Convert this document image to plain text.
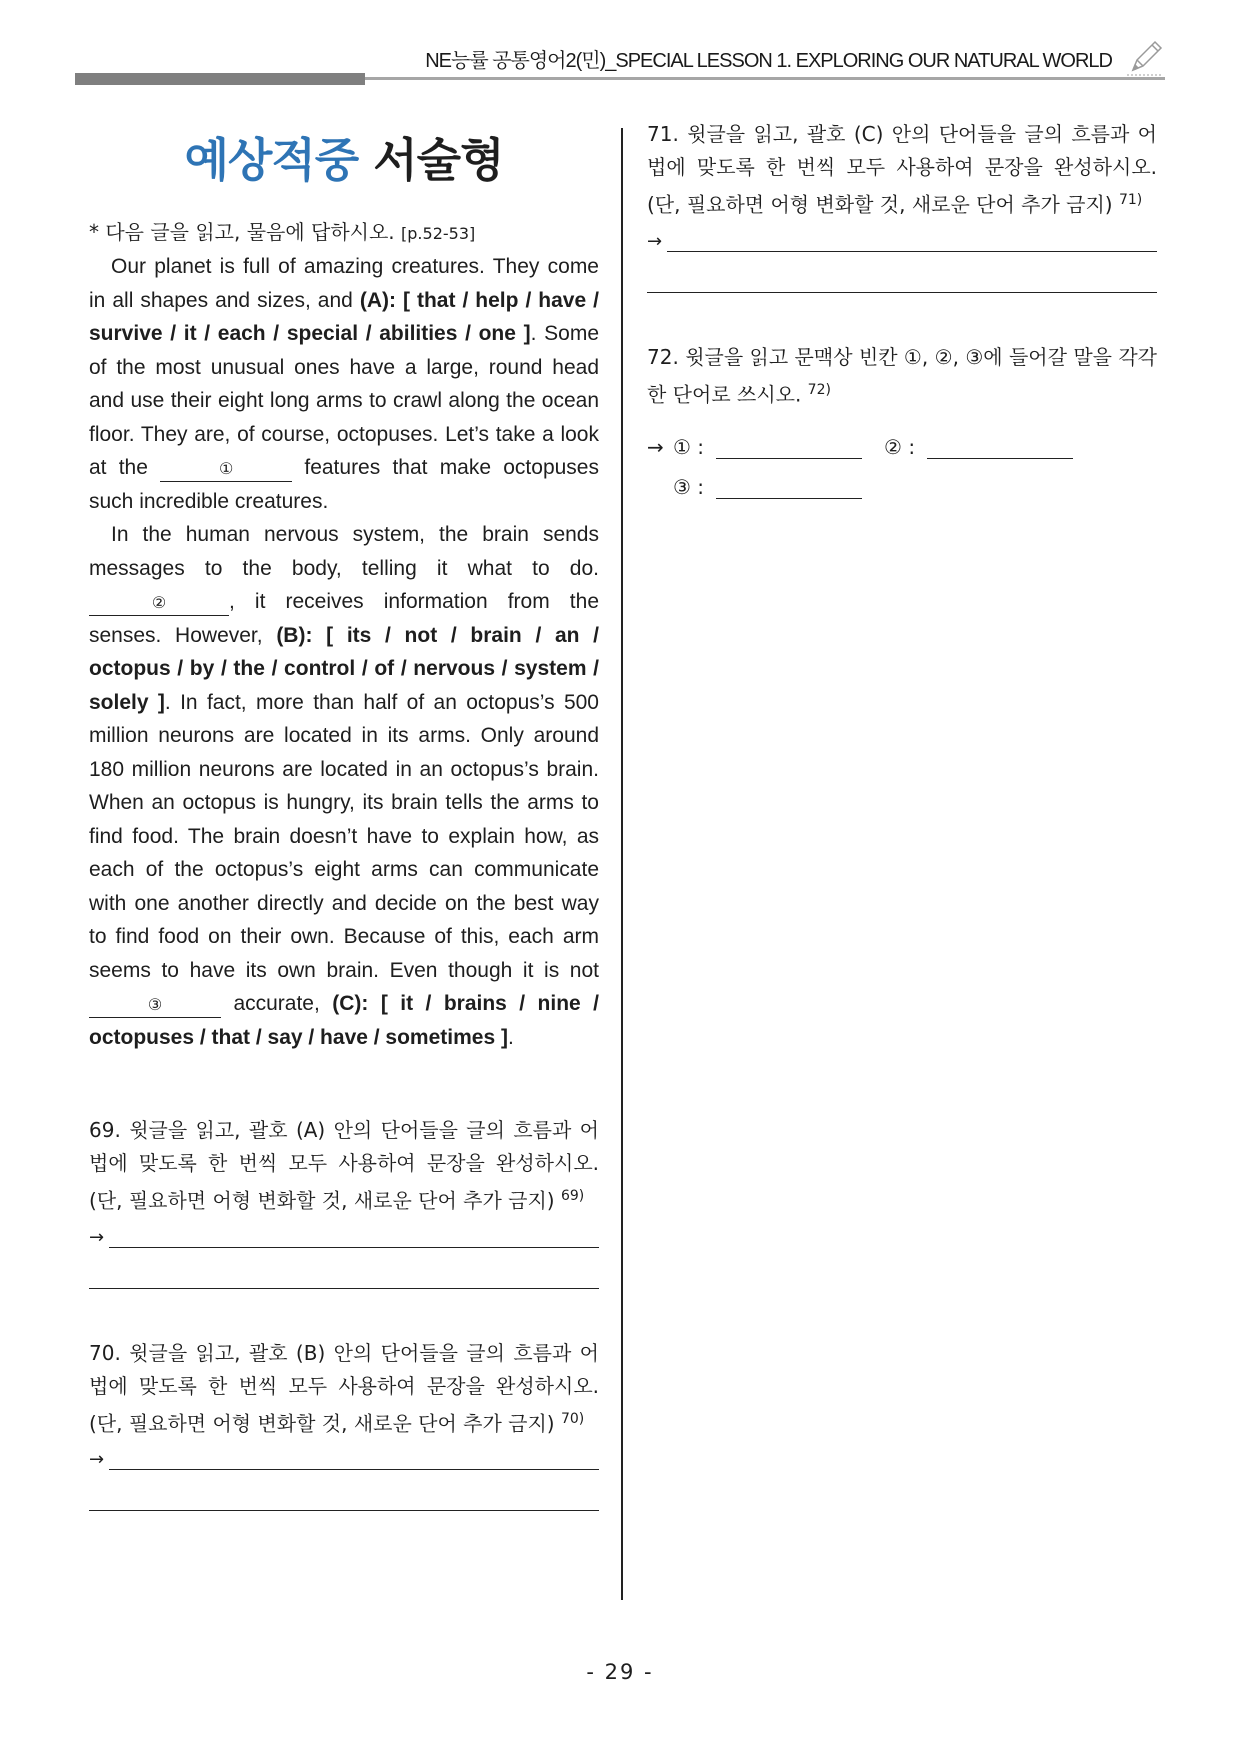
NE능률 공통영어2(민)_SPECIAL LESSON 1. EXPLORING OUR NATURAL WORLD
예상적중 서술형

* 다음 글을 읽고, 물음에 답하시오. [p.52-53]

Our planet is full of amazing creatures. They come in all shapes and sizes, and (A): [ that / help / have / survive / it / each / special / abilities / one ]. Some of the most unusual ones have a large, round head and use their eight long arms to crawl along the ocean floor. They are, of course, octopuses. Let’s take a look at the	①	features that make octopuses such incredible creatures.

In the human nervous system, the brain sends messages to the body, telling it what to do. ②	, it receives information from the senses. However, (B): [ its / not / brain / an / octopus / by / the / control / of / nervous / system / solely ]. In fact, more than half of an octopus’s 500 million neurons are located in its arms. Only around 180 million neurons are located in an octopus’s brain. When an octopus is hungry, its brain tells the arms to find food. The brain doesn’t have to explain how, as each of the octopus’s eight arms can communicate with one another directly and decide on the best way to find food on their own. Because of this, each arm seems to have its own brain. Even though it is not ③	accurate, (C): [ it / brains / nine / octopuses / that / say / have / sometimes ].

69. 윗글을 읽고, 괄호 (A) 안의 단어들을 글의 흐름과 어법에 맞도록 한 번씩 모두 사용하여 문장을 완성하시오. (단, 필요하면 어형 변화할 것, 새로운 단어 추가 금지) $^{69)}$

→

70. 윗글을 읽고, 괄호 (B) 안의 단어들을 글의 흐름과 어법에 맞도록 한 번씩 모두 사용하여 문장을 완성하시오. (단, 필요하면 어형 변화할 것, 새로운 단어 추가 금지) $^{70)}$

→

71. 윗글을 읽고, 괄호 (C) 안의 단어들을 글의 흐름과 어법에 맞도록 한 번씩 모두 사용하여 문장을 완성하시오. (단, 필요하면 어형 변화할 것, 새로운 단어 추가 금지) $^{71)}$

→

72. 윗글을 읽고 문맥상 빈칸 ①, ②, ③에 들어갈 말을 각각 한 단어로 쓰시오. $^{72)}$

→ ① :	② :
③ :
- 29 -
